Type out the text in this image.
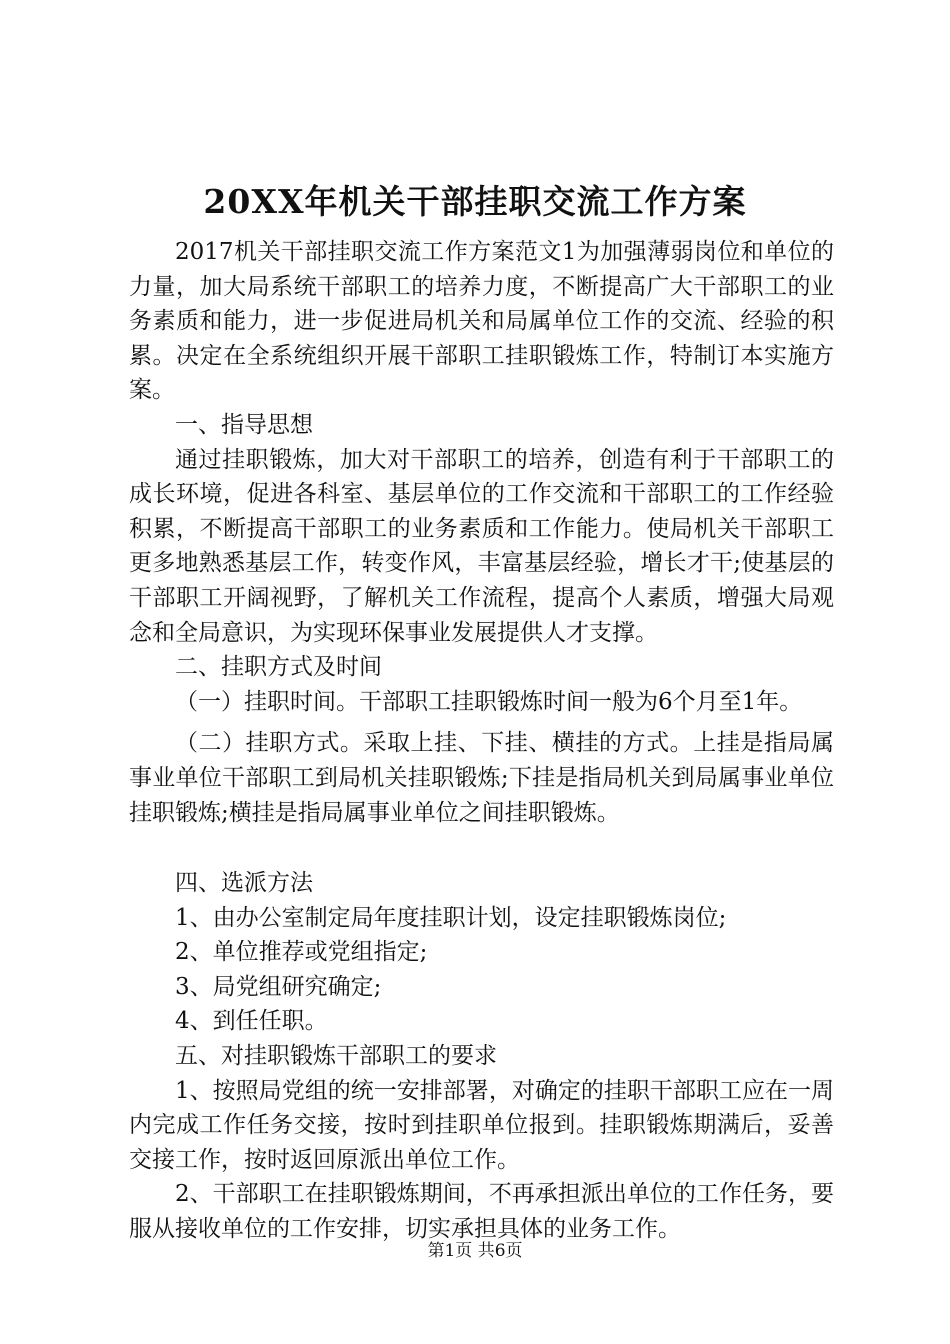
20XX年机关干部挂职交流工作方案

2017机关干部挂职交流工作方案范文1为加强薄弱岗位和单位的力量，加大局系统干部职工的培养力度，不断提高广大干部职工的业务素质和能力，进一步促进局机关和局属单位工作的交流、经验的积累。决定在全系统组织开展干部职工挂职锻炼工作，特制订本实施方案。

一、指导思想

通过挂职锻炼，加大对干部职工的培养，创造有利于干部职工的成长环境，促进各科室、基层单位的工作交流和干部职工的工作经验积累，不断提高干部职工的业务素质和工作能力。使局机关干部职工更多地熟悉基层工作，转变作风，丰富基层经验，增长才干;使基层的干部职工开阔视野，了解机关工作流程，提高个人素质，增强大局观念和全局意识，为实现环保事业发展提供人才支撑。

二、挂职方式及时间

（一）挂职时间。干部职工挂职锻炼时间一般为6个月至1年。

（二）挂职方式。采取上挂、下挂、横挂的方式。上挂是指局属事业单位干部职工到局机关挂职锻炼;下挂是指局机关到局属事业单位挂职锻炼;横挂是指局属事业单位之间挂职锻炼。

四、选派方法

1、由办公室制定局年度挂职计划，设定挂职锻炼岗位;

2、单位推荐或党组指定;

3、局党组研究确定;

4、到任任职。

五、对挂职锻炼干部职工的要求

1、按照局党组的统一安排部署，对确定的挂职干部职工应在一周内完成工作任务交接，按时到挂职单位报到。挂职锻炼期满后，妥善交接工作，按时返回原派出单位工作。

2、干部职工在挂职锻炼期间，不再承担派出单位的工作任务，要服从接收单位的工作安排，切实承担具体的业务工作。

第1页 共6页
